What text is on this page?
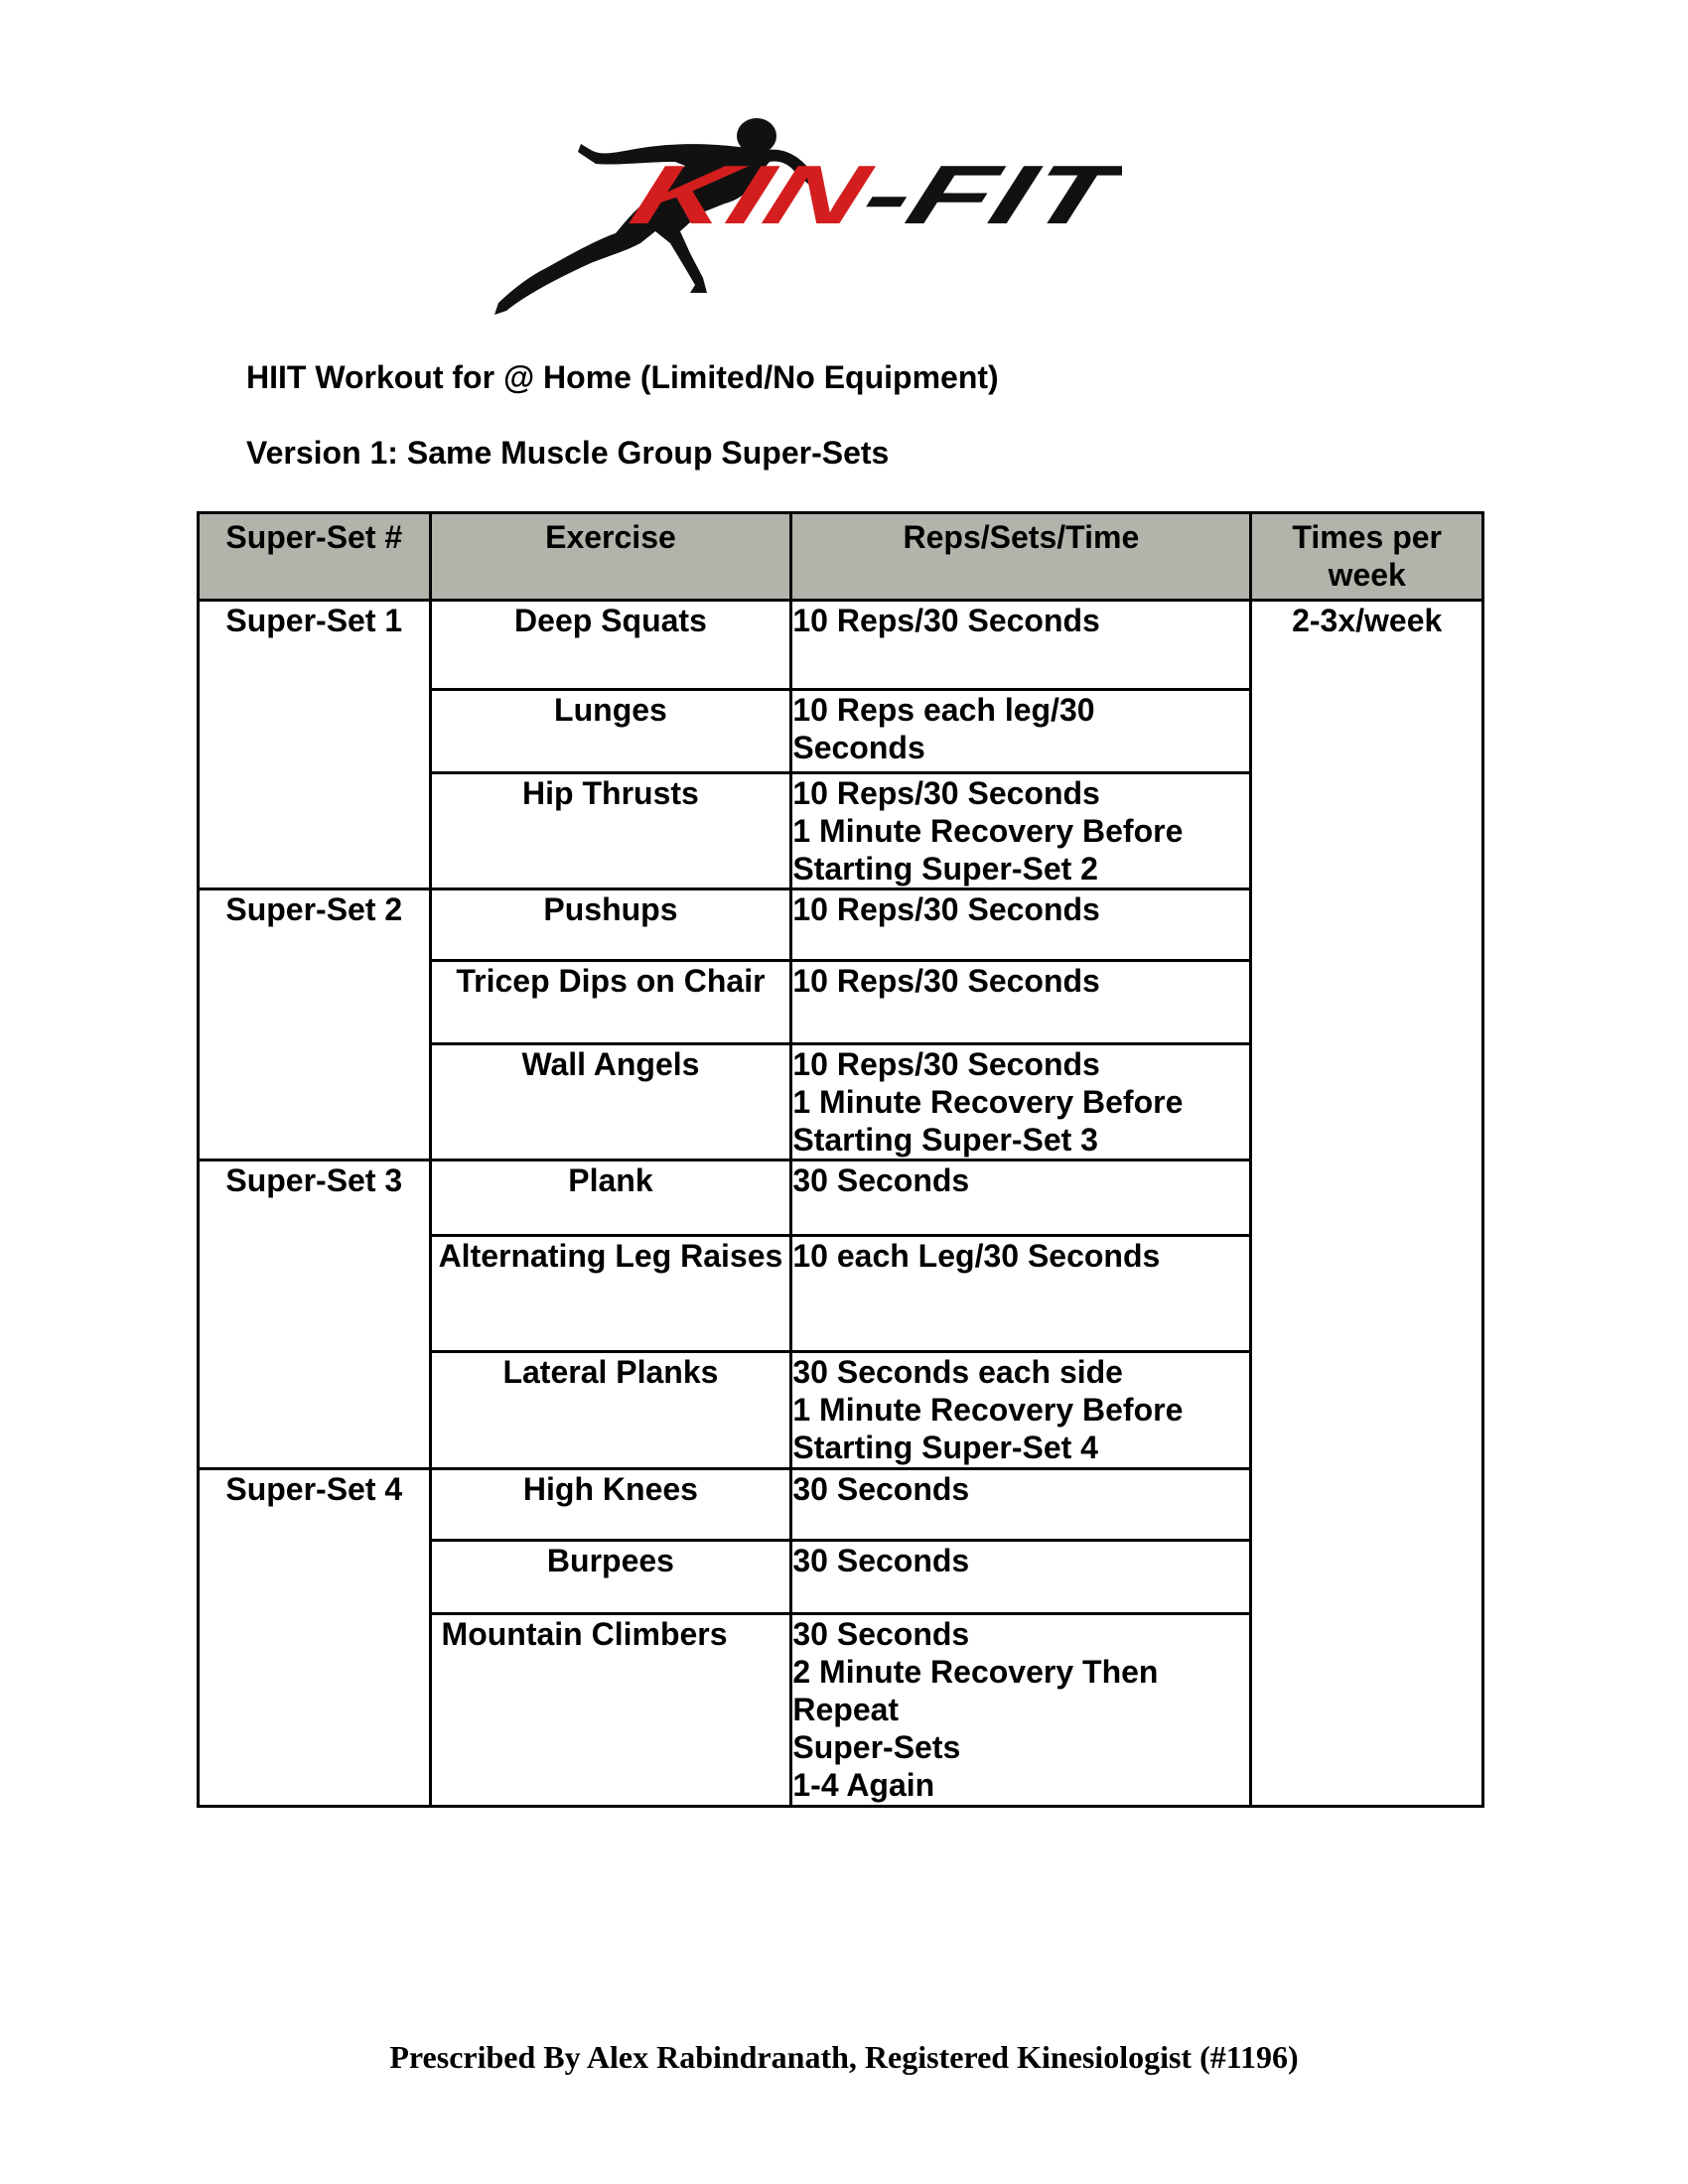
KIN -FIT
HIIT Workout for @ Home (Limited/No Equipment)
Version 1: Same Muscle Group Super-Sets
Super-Set #	Exercise	Reps/Sets/Time	Times per week
Super-Set 1	Deep Squats	10 Reps/30 Seconds	2-3x/week
	Lunges	10 Reps each leg/30
Seconds	

	Hip Thrusts	10 Reps/30 Seconds
1 Minute Recovery Before
Starting Super-Set 2	

Super-Set 2	Pushups	10 Reps/30 Seconds	

	Tricep Dips on Chair	10 Reps/30 Seconds	

	Wall Angels	10 Reps/30 Seconds
1 Minute Recovery Before
Starting Super-Set 3	

Super-Set 3	Plank	30 Seconds	

	Alternating Leg Raises	10 each Leg/30 Seconds	

	Lateral Planks	30 Seconds each side
1 Minute Recovery Before
Starting Super-Set 4	

Super-Set 4	High Knees	30 Seconds	

	Burpees	30 Seconds	

	Mountain Climbers	30 Seconds
2 Minute Recovery Then
Repeat
Super-Sets
1-4 Again	
Prescribed By Alex Rabindranath, Registered Kinesiologist (#1196)
